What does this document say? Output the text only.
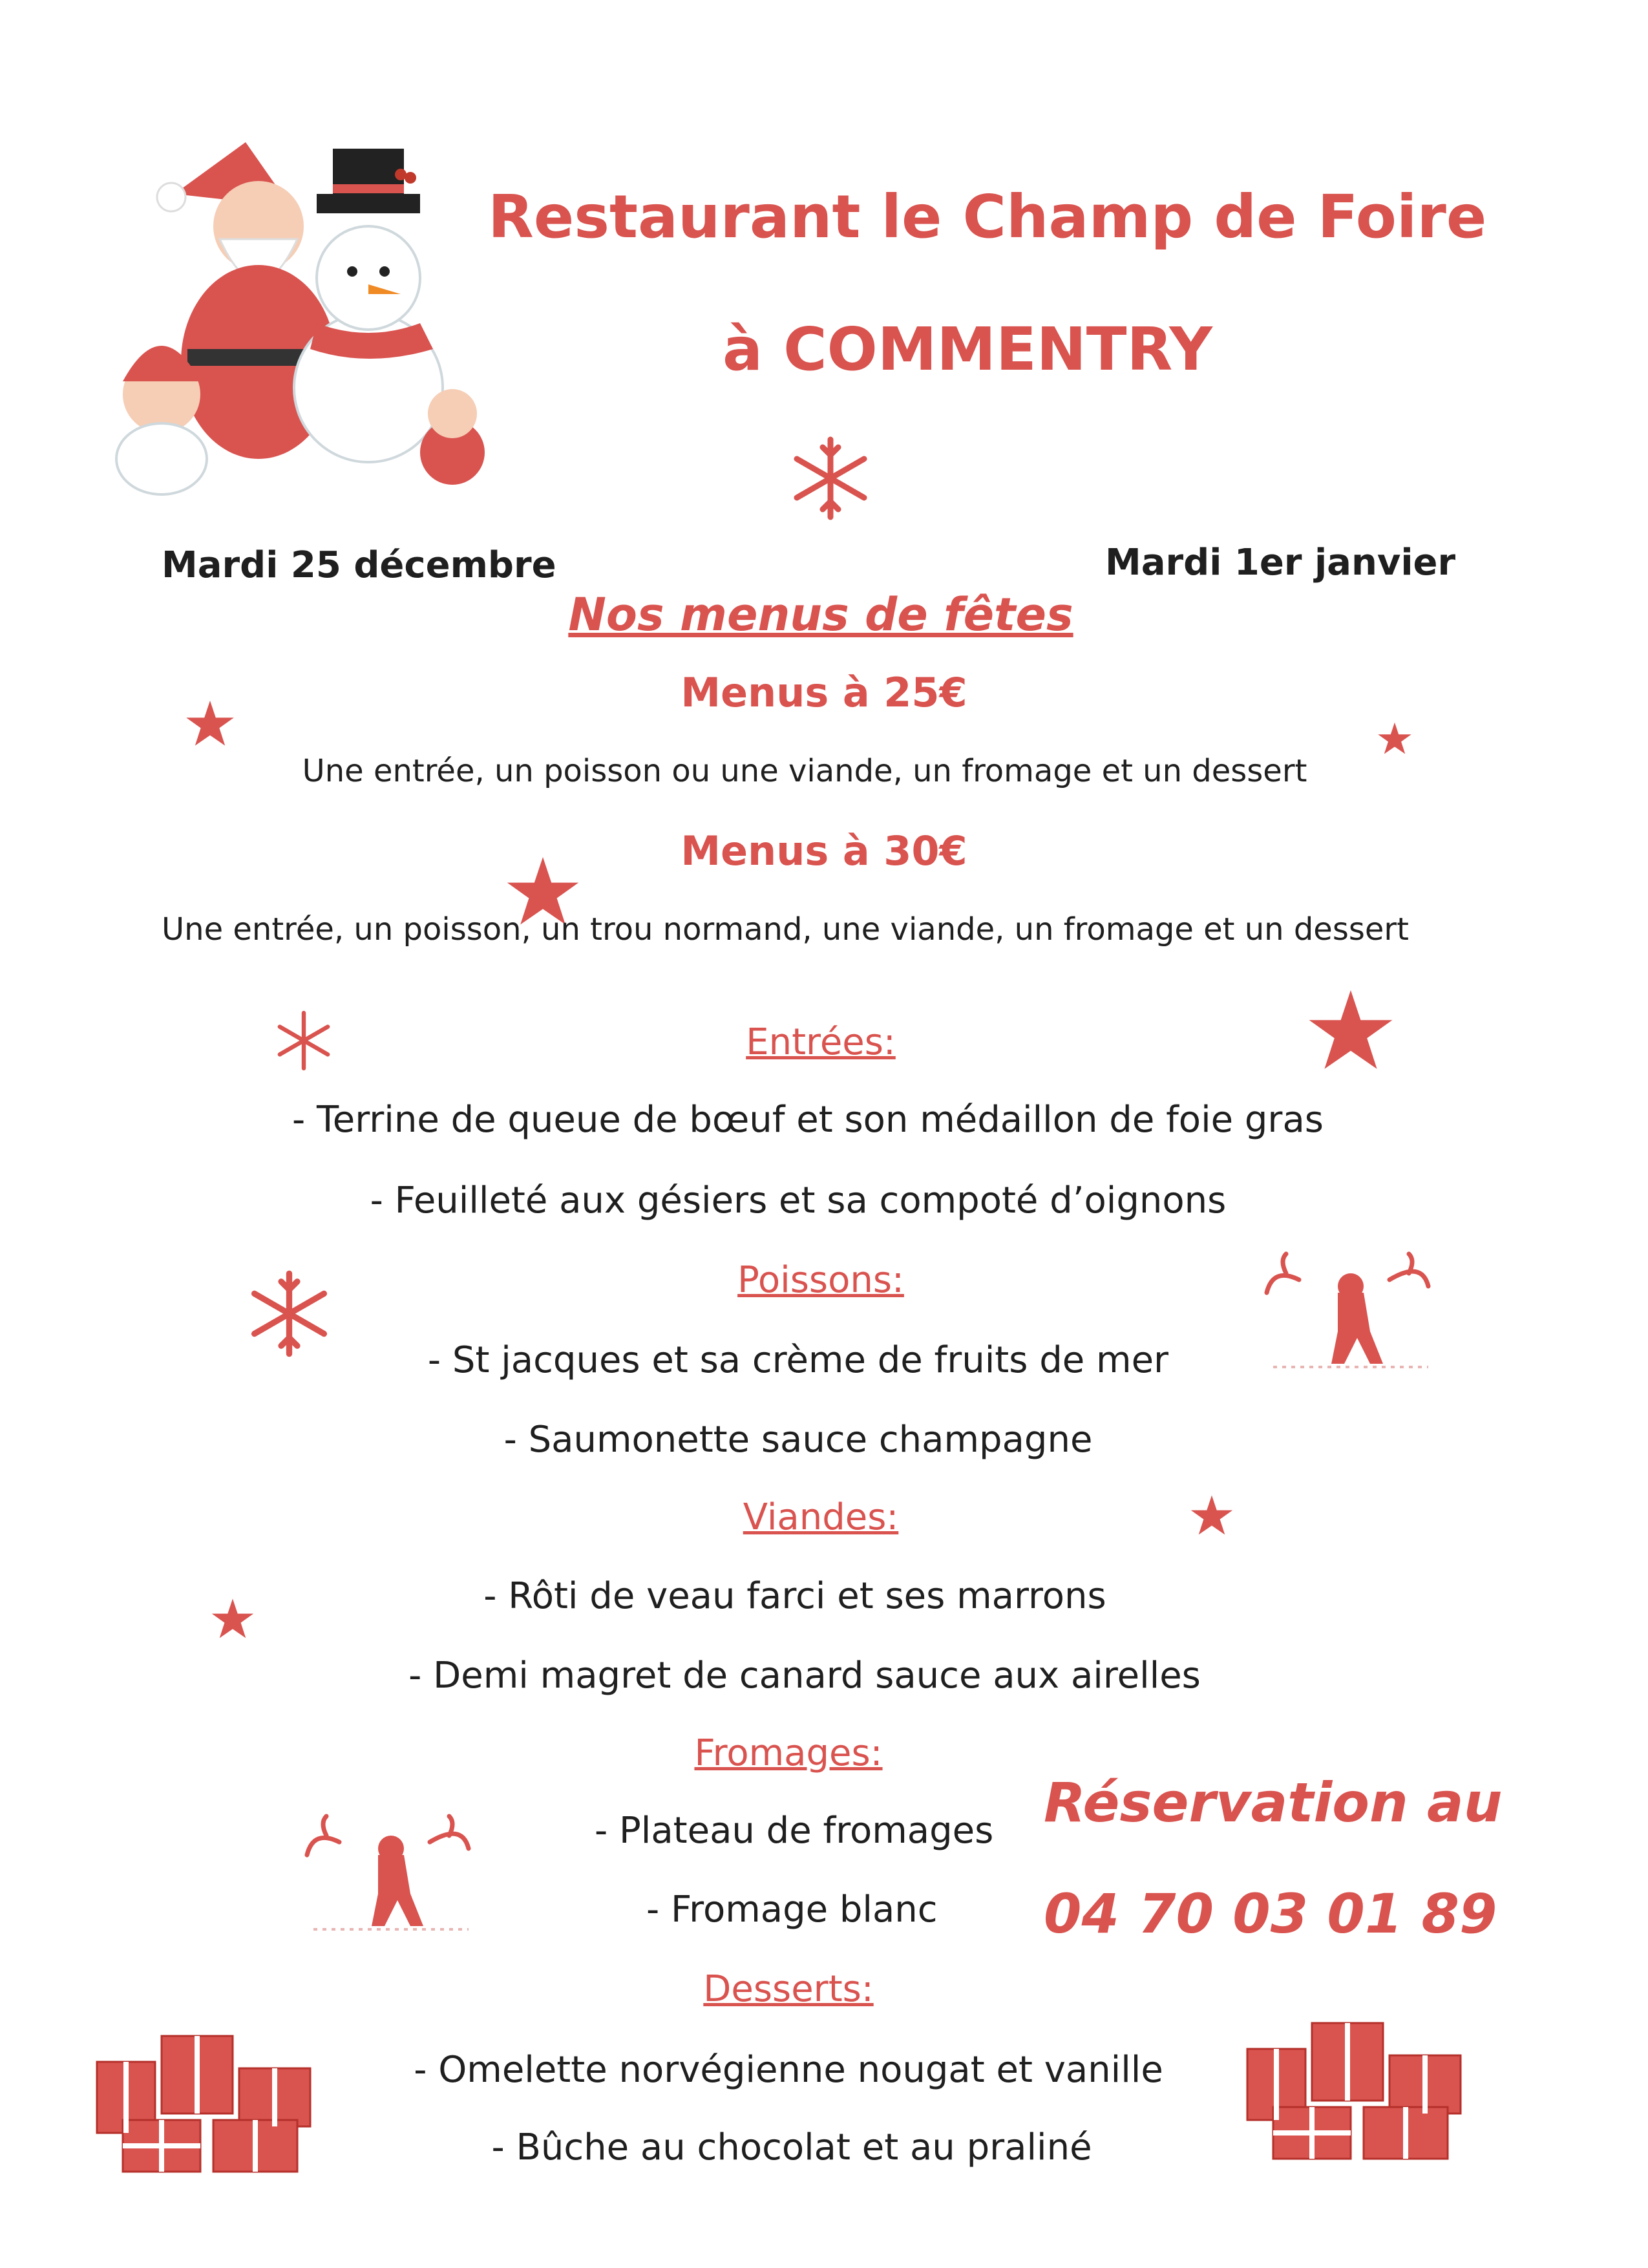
Restaurant le Champ de Foire
à COMMENTRY
Mardi 25 décembre	Mardi 1er janvier
Nos menus de fêtes
Menus à 25€
Une entrée, un poisson ou une viande, un fromage et un dessert
Menus à 30€
Une entrée, un poisson, un trou normand, une viande, un fromage et un dessert
Entrées:
- Terrine de queue de bœuf et son médaillon de foie gras
- Feuilleté aux gésiers et sa compoté d’oignons
Poissons:
- St jacques et sa crème de fruits de mer
- Saumonette sauce champagne
Viandes:
- Rôti de veau farci et ses marrons
- Demi magret de canard sauce aux airelles
Fromages:
- Plateau de fromages
- Fromage blanc
Desserts:
- Omelette norvégienne nougat et vanille
- Bûche au chocolat et au praliné
Réservation au
04 70 03 01 89
